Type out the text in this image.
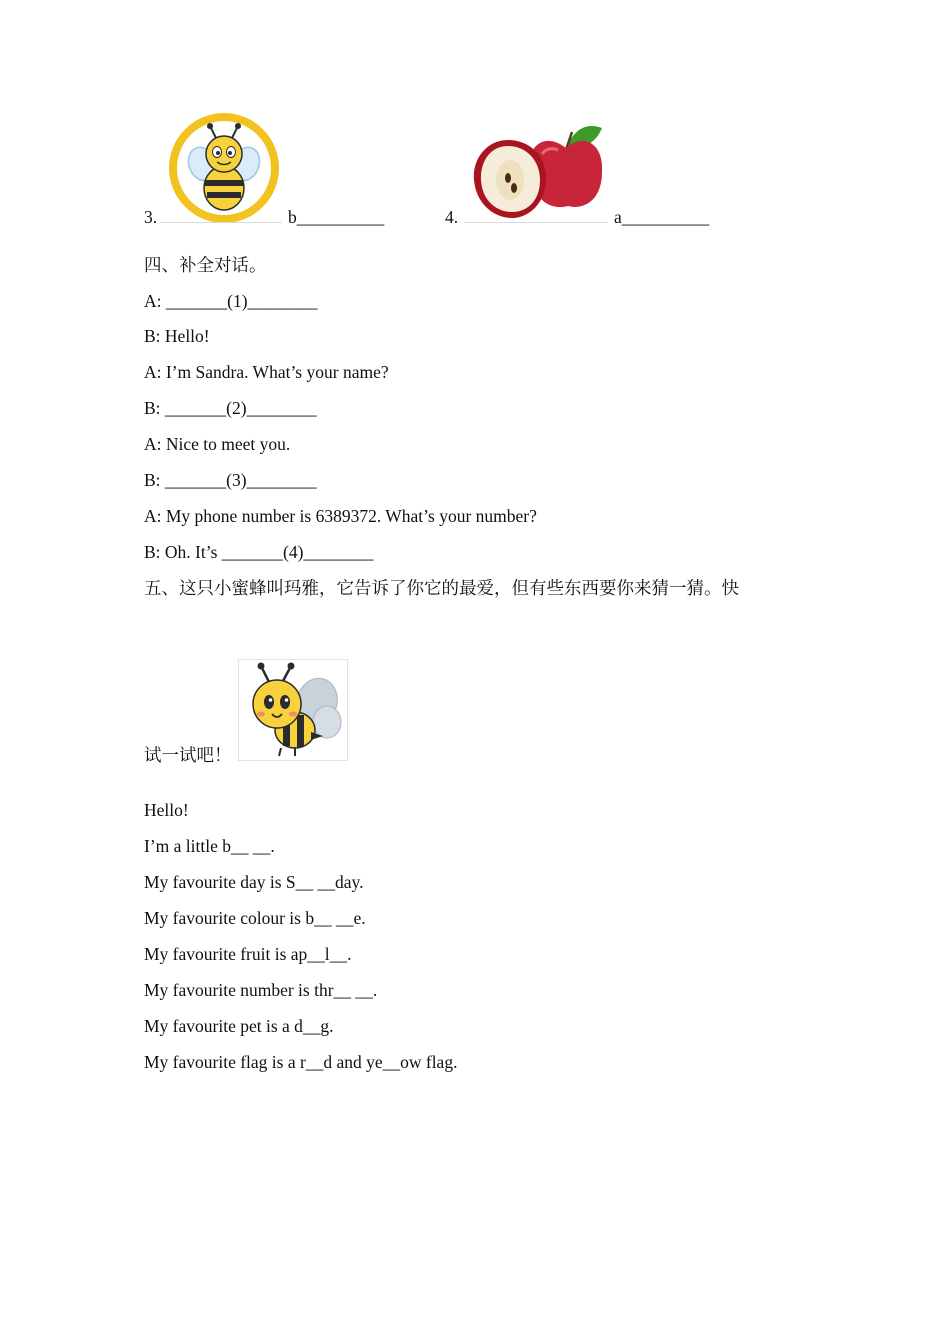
3.	b__________	4.	a__________
四、补全对话。
A: _______(1)________
B: Hello!
A: I’m Sandra. What’s your name?
B: _______(2)________
A: Nice to meet you.
B: _______(3)________
A: My phone number is 6389372. What’s your number?
B: Oh. It’s _______(4)________
五、这只小蜜蜂叫玛雅，它告诉了你它的最爱，但有些东西要你来猜一猜。快
试一试吧！
Hello!
I’m a little b__ __.
My favourite day is S__ __day.
My favourite colour is b__ __e.
My favourite fruit is ap__l__.
My favourite number is thr__ __.
My favourite pet is a d__g.
My favourite flag is a r__d and ye__ow flag.
